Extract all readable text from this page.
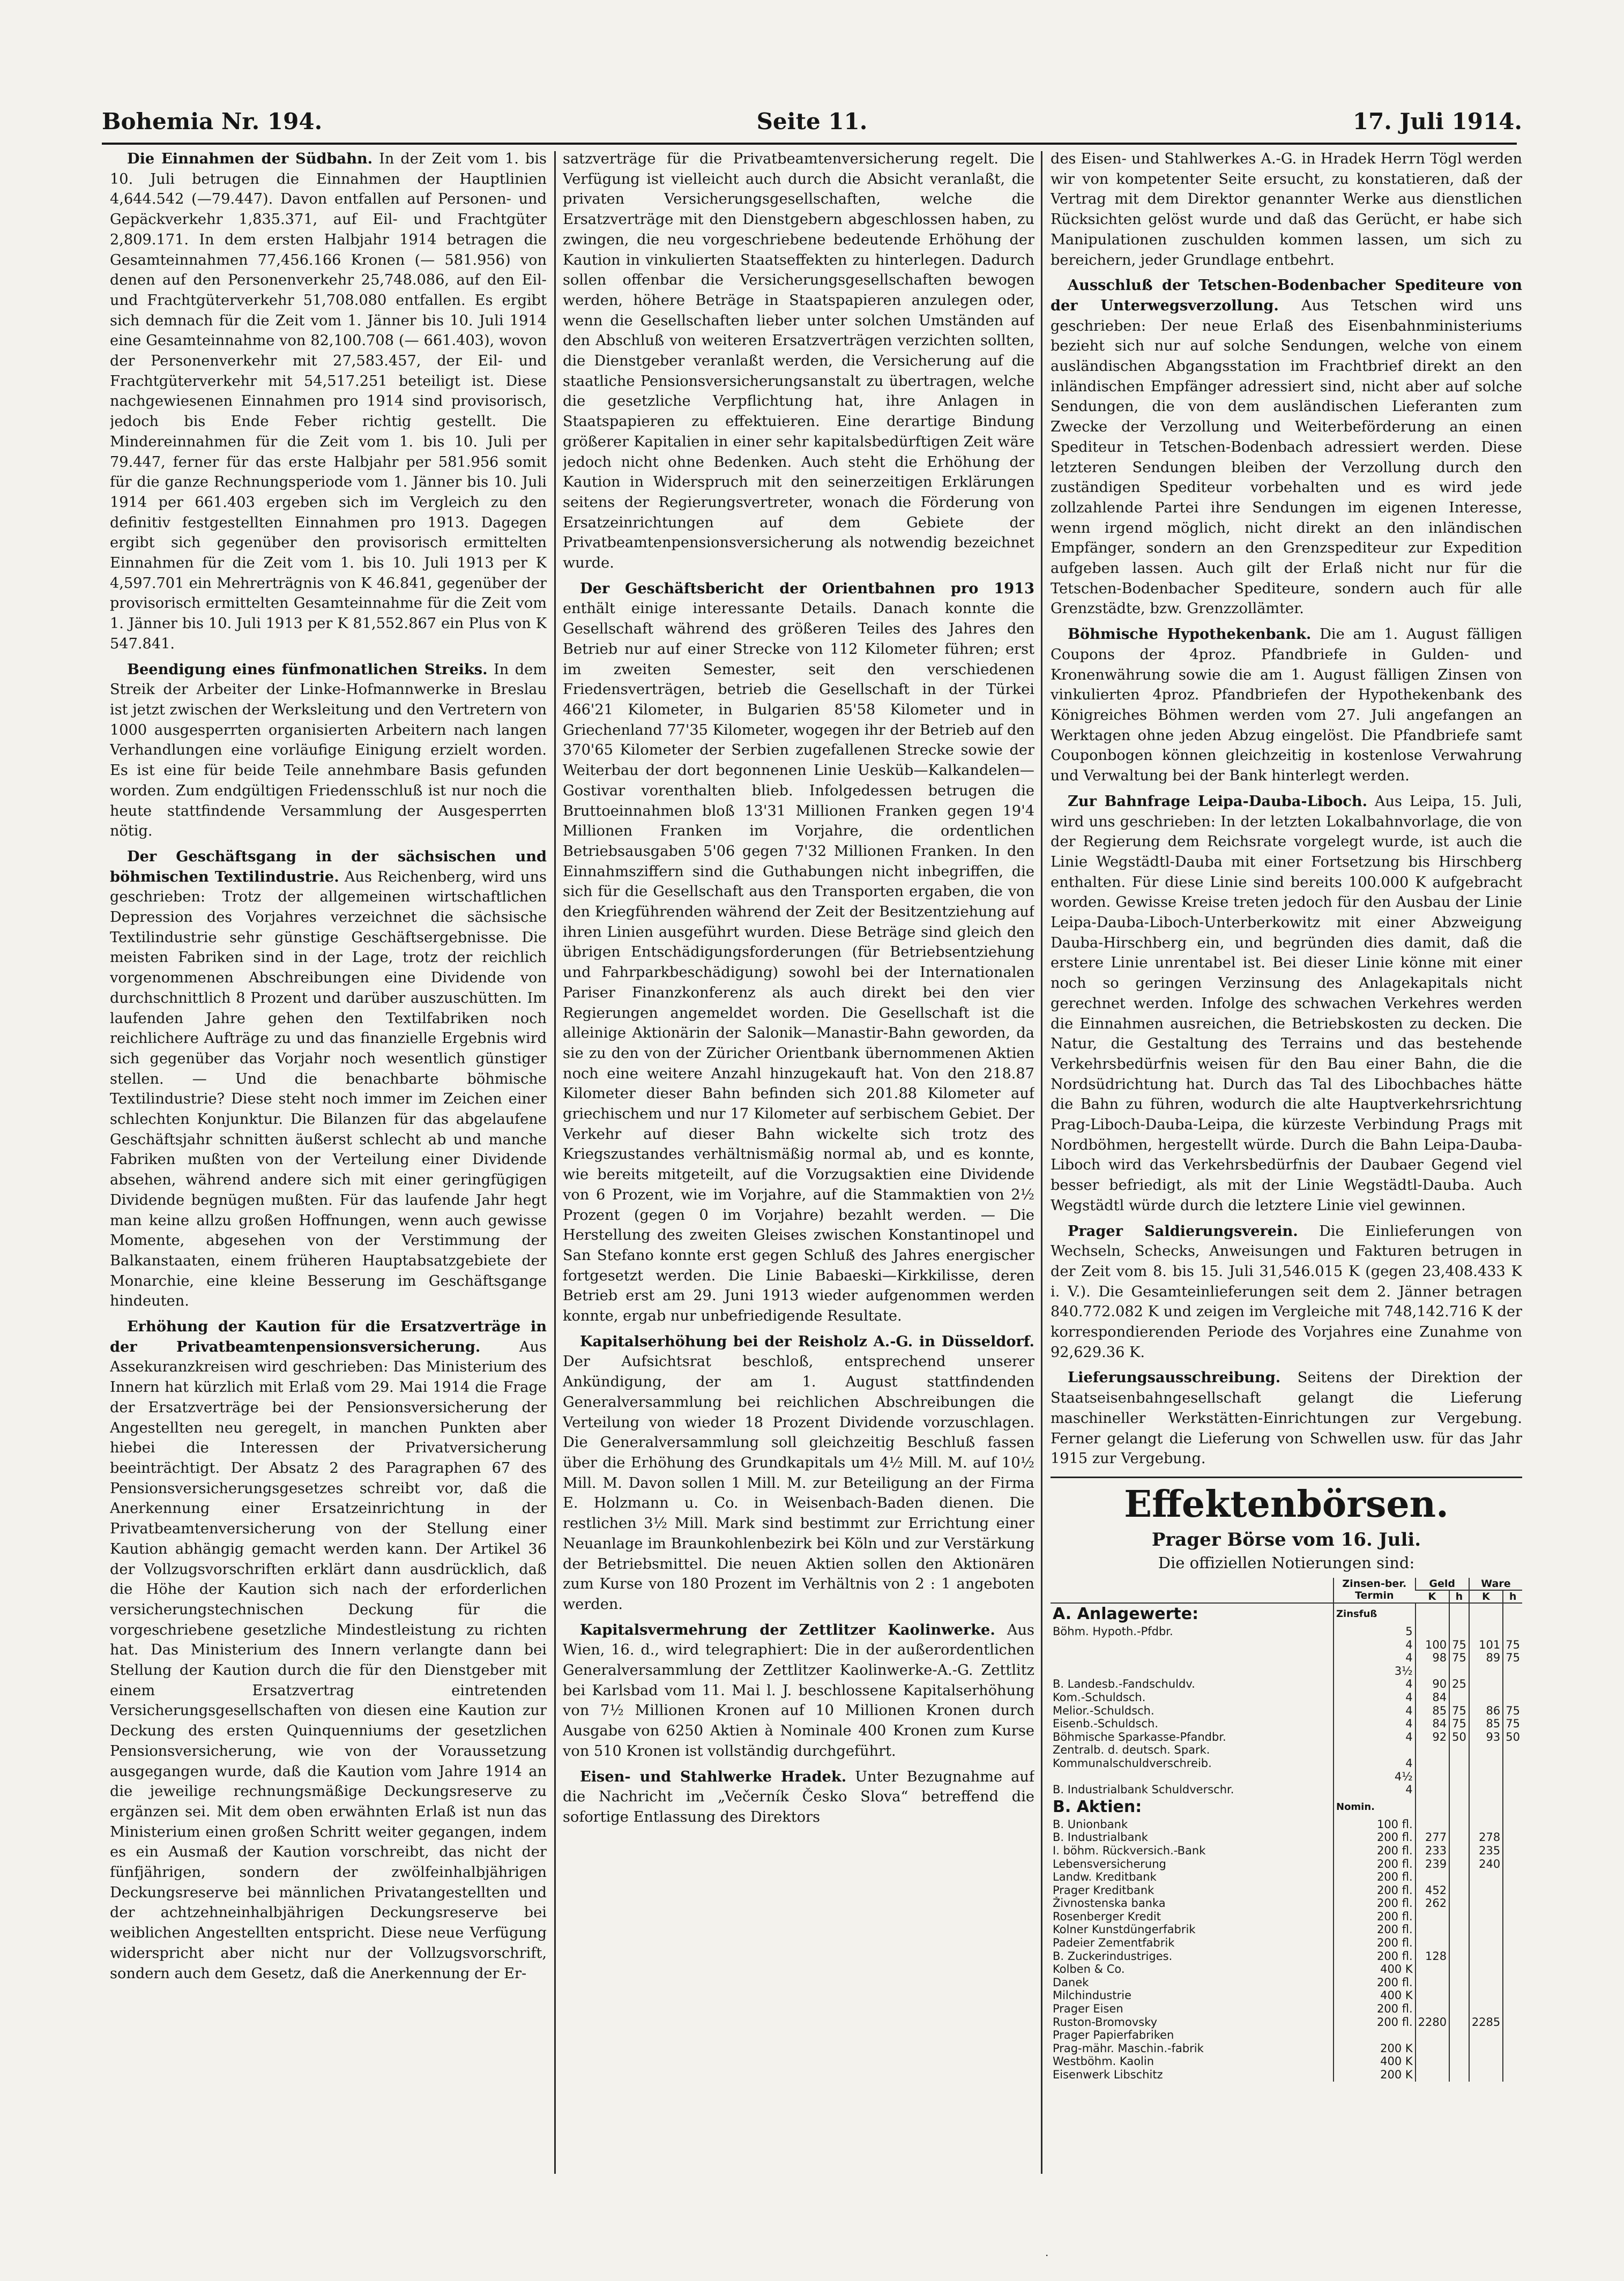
Bohemia Nr. 194.	Seite 11.	17. Juli 1914.

Die Einnahmen der Südbahn. In der Zeit vom 1. bis 10. Juli betrugen die Einnahmen der Hauptlinien 4,644.542 (—79.447). Davon entfallen auf Personen- und Gepäckverkehr 1,835.371, auf Eil- und Frachtgüter 2,809.171. In dem ersten Halbjahr 1914 betragen die Gesamteinnahmen 77,456.166 Kronen (— 581.956) von denen auf den Personenverkehr 25,748.086, auf den Eil- und Frachtgüterverkehr 51,708.080 entfallen. Es ergibt sich demnach für die Zeit vom 1. Jänner bis 10. Juli 1914 eine Gesamteinnahme von 82,100.708 (— 661.403), wovon der Personenverkehr mit 27,583.457, der Eil- und Frachtgüterverkehr mit 54,517.251 beteiligt ist. Diese nachgewiesenen Einnahmen pro 1914 sind provisorisch, jedoch bis Ende Feber richtig gestellt. Die Mindereinnahmen für die Zeit vom 1. bis 10. Juli per 79.447, ferner für das erste Halbjahr per 581.956 somit für die ganze Rechnungsperiode vom 1. Jänner bis 10. Juli 1914 per 661.403 ergeben sich im Vergleich zu den definitiv festgestellten Einnahmen pro 1913. Dagegen ergibt sich gegenüber den provisorisch ermittelten Einnahmen für die Zeit vom 1. bis 10. Juli 1913 per K 4,597.701 ein Mehrerträgnis von K 46.841, gegenüber der provisorisch ermittelten Gesamteinnahme für die Zeit vom 1. Jänner bis 10. Juli 1913 per K 81,552.867 ein Plus von K 547.841.

Beendigung eines fünfmonatlichen Streiks. In dem Streik der Arbeiter der Linke-Hofmannwerke in Breslau ist jetzt zwischen der Werksleitung und den Vertretern von 1000 ausgesperrten organisierten Arbeitern nach langen Verhandlungen eine vorläufige Einigung erzielt worden. Es ist eine für beide Teile annehmbare Basis gefunden worden. Zum endgültigen Friedensschluß ist nur noch die heute stattfindende Versammlung der Ausgesperrten nötig.

Der Geschäftsgang in der sächsischen und böhmischen Textilindustrie. Aus Reichenberg, wird uns geschrieben: Trotz der allgemeinen wirtschaftlichen Depression des Vorjahres verzeichnet die sächsische Textilindustrie sehr günstige Geschäftsergebnisse. Die meisten Fabriken sind in der Lage, trotz der reichlich vorgenommenen Abschreibungen eine Dividende von durchschnittlich 8 Prozent und darüber auszuschütten. Im laufenden Jahre gehen den Textilfabriken noch reichlichere Aufträge zu und das finanzielle Ergebnis wird sich gegenüber das Vorjahr noch wesentlich günstiger stellen. — Und die benachbarte böhmische Textilindustrie? Diese steht noch immer im Zeichen einer schlechten Konjunktur. Die Bilanzen für das abgelaufene Geschäftsjahr schnitten äußerst schlecht ab und manche Fabriken mußten von der Verteilung einer Dividende absehen, während andere sich mit einer geringfügigen Dividende begnügen mußten. Für das laufende Jahr hegt man keine allzu großen Hoffnungen, wenn auch gewisse Momente, abgesehen von der Verstimmung der Balkanstaaten, einem früheren Hauptabsatzgebiete der Monarchie, eine kleine Besserung im Geschäftsgange hindeuten.

Erhöhung der Kaution für die Ersatzverträge in der Privatbeamtenpensionsversicherung.	Aus Assekuranzkreisen wird geschrieben: Das Ministerium des Innern hat kürzlich mit Erlaß vom 29. Mai 1914 die Frage der Ersatzverträge bei der Pensionsversicherung der Angestellten neu geregelt, in manchen Punkten aber hiebei die Interessen der Privatversicherung beeinträchtigt. Der Absatz 2 des Paragraphen 67 des Pensionsversicherungsgesetzes schreibt vor, daß die Anerkennung einer Ersatzeinrichtung in der Privatbeamtenversicherung von der Stellung einer Kaution abhängig gemacht werden kann. Der Artikel 36 der Vollzugsvorschriften erklärt dann ausdrücklich, daß die Höhe der Kaution sich nach der erforderlichen versicherungstechnischen Deckung für die vorgeschriebene gesetzliche Mindestleistung zu richten hat. Das Ministerium des Innern verlangte dann bei Stellung der Kaution durch die für den Dienstgeber mit einem Ersatzvertrag eintretenden Versicherungsgesellschaften von diesen eine Kaution zur Deckung des ersten Quinquenniums der gesetzlichen Pensionsversicherung, wie von der Voraussetzung ausgegangen wurde, daß die Kaution vom Jahre 1914 an die jeweilige rechnungsmäßige Deckungsreserve zu ergänzen sei. Mit dem oben erwähnten Erlaß ist nun das Ministerium einen großen Schritt weiter gegangen, indem es ein Ausmaß der Kaution vorschreibt, das nicht der fünfjährigen, sondern der zwölfeinhalbjährigen Deckungsreserve bei männlichen Privatangestellten und der achtzehneinhalbjährigen Deckungsreserve bei weiblichen Angestellten entspricht. Diese neue Verfügung widerspricht aber nicht nur der Vollzugsvorschrift, sondern auch dem Gesetz, daß die Anerkennung der Er-

satzverträge für die Privatbeamtenversicherung regelt. Die Verfügung ist vielleicht auch durch die Absicht veranlaßt, die privaten Versicherungsgesellschaften, welche die Ersatzverträge mit den Dienstgebern abgeschlossen haben, zu zwingen, die neu vorgeschriebene bedeutende Erhöhung der Kaution in vinkulierten Staatseffekten zu hinterlegen. Dadurch sollen offenbar die Versicherungsgesellschaften bewogen werden, höhere Beträge in Staatspapieren anzulegen oder, wenn die Gesellschaften lieber unter solchen Umständen auf den Abschluß von weiteren Ersatzverträgen verzichten sollten, die Dienstgeber veranlaßt werden, die Versicherung auf die staatliche Pensionsversicherungsanstalt zu übertragen, welche die gesetzliche Verpflichtung hat, ihre Anlagen in Staatspapieren zu effektuieren. Eine derartige Bindung größerer Kapitalien in einer sehr kapitalsbedürftigen Zeit wäre jedoch nicht ohne Bedenken. Auch steht die Erhöhung der Kaution in Widerspruch mit den seinerzeitigen Erklärungen seitens der Regierungsvertreter, wonach die Förderung von Ersatzeinrichtungen auf dem Gebiete der Privatbeamtenpensionsversicherung als notwendig bezeichnet wurde.

Der Geschäftsbericht der Orientbahnen pro 1913 enthält einige interessante Details. Danach konnte die Gesellschaft während des größeren Teiles des Jahres den Betrieb nur auf einer Strecke von 112 Kilometer führen; erst im zweiten Semester, seit den verschiedenen Friedensverträgen, betrieb die Gesellschaft in der Türkei 466'21 Kilometer, in Bulgarien 85'58 Kilometer und in Griechenland 77'35 Kilometer, wogegen ihr der Betrieb auf den 370'65 Kilometer der Serbien zugefallenen Strecke sowie der Weiterbau der dort begonnenen Linie Uesküb—Kalkandelen—Gostivar vorenthalten blieb. Infolgedessen betrugen die Bruttoeinnahmen bloß 13'31 Millionen Franken gegen 19'4 Millionen Franken im Vorjahre, die ordentlichen Betriebsausgaben 5'06 gegen 7'32 Millionen Franken. In den Einnahmsziffern sind die Guthabungen nicht inbegriffen, die sich für die Gesellschaft aus den Transporten ergaben, die von den Kriegführenden während der Zeit der Besitzentziehung auf ihren Linien ausgeführt wurden. Diese Beträge sind gleich den übrigen Entschädigungsforderungen (für Betriebsentziehung und Fahrparkbeschädigung) sowohl bei der Internationalen Pariser Finanzkonferenz als auch direkt bei den vier Regierungen angemeldet worden. Die Gesellschaft ist die alleinige Aktionärin der Salonik—Manastir-Bahn geworden, da sie zu den von der Züricher Orientbank übernommenen Aktien noch eine weitere Anzahl hinzugekauft hat. Von den 218.87 Kilometer dieser Bahn befinden sich 201.88 Kilometer auf griechischem und nur 17 Kilometer auf serbischem Gebiet. Der Verkehr auf dieser Bahn wickelte sich trotz des Kriegszustandes verhältnismäßig normal ab, und es konnte, wie bereits mitgeteilt, auf die Vorzugsaktien eine Dividende von 6 Prozent, wie im Vorjahre, auf die Stammaktien von 2½ Prozent (gegen 0 im Vorjahre) bezahlt werden. — Die Herstellung des zweiten Gleises zwischen Konstantinopel und San Stefano konnte erst gegen Schluß des Jahres energischer fortgesetzt werden. Die Linie Babaeski—Kirkkilisse, deren Betrieb erst am 29. Juni 1913 wieder aufgenommen werden konnte, ergab nur unbefriedigende Resultate.

Kapitalserhöhung bei der Reisholz A.-G. in Düsseldorf. Der Aufsichtsrat beschloß, entsprechend unserer Ankündigung, der am 1. August stattfindenden Generalversammlung bei reichlichen Abschreibungen die Verteilung von wieder 18 Prozent Dividende vorzuschlagen. Die Generalversammlung soll gleichzeitig Beschluß fassen über die Erhöhung des Grundkapitals um 4½ Mill. M. auf 10½ Mill. M. Davon sollen 1 Mill. M. zur Beteiligung an der Firma E. Holzmann u. Co. in Weisenbach-Baden dienen. Die restlichen 3½ Mill. Mark sind bestimmt zur Errichtung einer Neuanlage im Braunkohlenbezirk bei Köln und zur Verstärkung der Betriebsmittel. Die neuen Aktien sollen den Aktionären zum Kurse von 180 Prozent im Verhältnis von 2 : 1 angeboten werden.

Kapitalsvermehrung der Zettlitzer Kaolinwerke. Aus Wien, 16. d., wird telegraphiert: Die in der außerordentlichen Generalversammlung der Zettlitzer Kaolinwerke-A.-G. Zettlitz bei Karlsbad vom 11. Mai l. J. beschlossene Kapitalserhöhung von 7½ Millionen Kronen auf 10 Millionen Kronen durch Ausgabe von 6250 Aktien à Nominale 400 Kronen zum Kurse von 510 Kronen ist vollständig durchgeführt.

Eisen- und Stahlwerke Hradek. Unter Bezugnahme auf die Nachricht im „Večerník Česko Slova“ betreffend die sofortige Entlassung des Direktors

des Eisen- und Stahlwerkes A.-G. in Hradek Herrn Tögl werden wir von kompetenter Seite ersucht, zu konstatieren, daß der Vertrag mit dem Direktor genannter Werke aus dienstlichen Rücksichten gelöst wurde und daß das Gerücht, er habe sich Manipulationen zuschulden kommen lassen, um sich zu bereichern, jeder Grundlage entbehrt.

Ausschluß der Tetschen-Bodenbacher Spediteure von der Unterwegsverzollung. Aus Tetschen wird uns geschrieben: Der neue Erlaß des Eisenbahnministeriums bezieht sich nur auf solche Sendungen, welche von einem ausländischen Abgangsstation im Frachtbrief direkt an den inländischen Empfänger adressiert sind, nicht aber auf solche Sendungen, die von dem ausländischen Lieferanten zum Zwecke der Verzollung und Weiterbeförderung an einen Spediteur in Tetschen-Bodenbach adressiert werden. Diese letzteren Sendungen bleiben der Verzollung durch den zuständigen Spediteur vorbehalten und es wird jede zollzahlende Partei ihre Sendungen im eigenen Interesse, wenn irgend möglich, nicht direkt an den inländischen Empfänger, sondern an den Grenzspediteur zur Expedition aufgeben lassen. Auch gilt der Erlaß nicht nur für die Tetschen-Bodenbacher Spediteure, sondern auch für alle Grenzstädte, bzw. Grenzzollämter.

Böhmische Hypothekenbank. Die am 1. August fälligen Coupons der 4proz. Pfandbriefe in Gulden- und Kronenwährung sowie die am 1. August fälligen Zinsen von vinkulierten 4proz. Pfandbriefen der Hypothekenbank des Königreiches Böhmen werden vom 27. Juli angefangen an Werktagen ohne jeden Abzug eingelöst. Die Pfandbriefe samt Couponbogen können gleichzeitig in kostenlose Verwahrung und Verwaltung bei der Bank hinterlegt werden.

Zur Bahnfrage Leipa-Dauba-Liboch. Aus Leipa, 15. Juli, wird uns geschrieben: In der letzten Lokalbahnvorlage, die von der Regierung dem Reichsrate vorgelegt wurde, ist auch die Linie Wegstädtl-Dauba mit einer Fortsetzung bis Hirschberg enthalten. Für diese Linie sind bereits 100.000 K aufgebracht worden. Gewisse Kreise treten jedoch für den Ausbau der Linie Leipa-Dauba-Liboch-Unterberkowitz mit einer Abzweigung Dauba-Hirschberg ein, und begründen dies damit, daß die erstere Linie unrentabel ist. Bei dieser Linie könne mit einer noch so geringen Verzinsung des Anlagekapitals nicht gerechnet werden. Infolge des schwachen Verkehres werden die Einnahmen ausreichen, die Betriebskosten zu decken. Die Natur, die Gestaltung des Terrains und das bestehende Verkehrsbedürfnis weisen für den Bau einer Bahn, die die Nordsüdrichtung hat. Durch das Tal des Libochbaches hätte die Bahn zu führen, wodurch die alte Hauptverkehrsrichtung Prag-Liboch-Dauba-Leipa, die kürzeste Verbindung Prags mit Nordböhmen, hergestellt würde. Durch die Bahn Leipa-Dauba-Liboch wird das Verkehrsbedürfnis der Daubaer Gegend viel besser befriedigt, als mit der Linie Wegstädtl-Dauba. Auch Wegstädtl würde durch die letztere Linie viel gewinnen.

Prager Saldierungsverein. Die Einlieferungen von Wechseln, Schecks, Anweisungen und Fakturen betrugen in der Zeit vom 8. bis 15. Juli 31,546.015 K (gegen 23,408.433 K i. V.). Die Gesamteinlieferungen seit dem 2. Jänner betragen 840.772.082 K und zeigen im Vergleiche mit 748,142.716 K der korrespondierenden Periode des Vorjahres eine Zunahme von 92,629.36 K.

Lieferungsausschreibung. Seitens der Direktion der Staatseisenbahngesellschaft gelangt die Lieferung maschineller Werkstätten-Einrichtungen zur Vergebung. Ferner gelangt die Lieferung von Schwellen usw. für das Jahr 1915 zur Vergebung.

Effektenbörsen.
Prager Börse vom 16. Juli.
Die offiziellen Notierungen sind:
	Zinsen-ber. Termin	Geld		Ware	
		K	h	K	h
A. Anlagewerte:	Zinsfuß				
Böhm. Hypoth.-Pfdbr.	5				
	4	100	75	101	75
	4	98	75	89	75
	3½				
B. Landesb.-Fandschuldv.	4	90	25		
Kom.-Schuldsch.	4	84			
Melior.-Schuldsch.	4	85	75	86	75
Eisenb.-Schuldsch.	4	84	75	85	75
Böhmische Sparkasse-Pfandbr.	4	92	50	93	50
Zentralb. d. deutsch. Spark.					
Kommunalschuldverschreib.	4				
	4½				
B. Industrialbank Schuldverschr.	4				
B. Aktien:	Nomin.				
B. Unionbank	100 fl.				
B. Industrialbank	200 fl.	277		278	
I. böhm. Rückversich.-Bank	200 fl.	233		235	
Lebensversicherung	200 fl.	239		240	
Landw. Kreditbank	200 fl.				
Prager Kreditbank	200 fl.	452			
Živnostenska banka	200 fl.	262			
Rosenberger Kredit	200 fl.				
Kolner Kunstdüngerfabrik	200 fl.				
Padeier Zementfabrik	200 fl.				
B. Zuckerindustriges.	200 fl.	128			
Kolben & Co.	400 K				
Danek	200 fl.				
Milchindustrie	400 K				
Prager Eisen	200 fl.				
Ruston-Bromovsky	200 fl.	2280		2285	
Prager Papierfabriken					
Prag-mähr. Maschin.-fabrik	200 K				
Westböhm. Kaolin	400 K				
Eisenwerk Libschitz	200 K				
·
